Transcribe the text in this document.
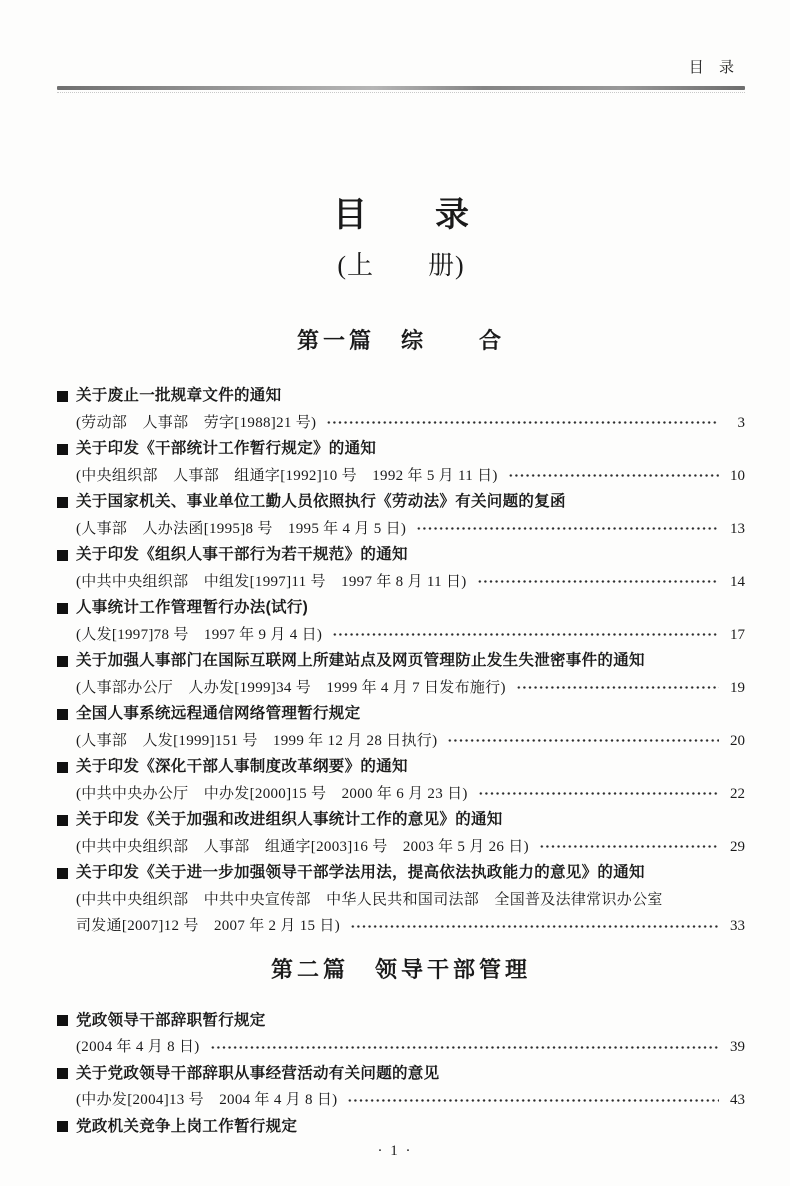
目   录
目　　录
(上　　册)
第一篇　综　　合
关于废止一批规章文件的通知
(劳动部　人事部　劳字[1988]21 号)	3
关于印发《干部统计工作暂行规定》的通知
(中央组织部　人事部　组通字[1992]10 号　1992 年 5 月 11 日)	10
关于国家机关、事业单位工勤人员依照执行《劳动法》有关问题的复函
(人事部　人办法函[1995]8 号　1995 年 4 月 5 日)	13
关于印发《组织人事干部行为若干规范》的通知
(中共中央组织部　中组发[1997]11 号　1997 年 8 月 11 日)	14
人事统计工作管理暂行办法(试行)
(人发[1997]78 号　1997 年 9 月 4 日)	17
关于加强人事部门在国际互联网上所建站点及网页管理防止发生失泄密事件的通知
(人事部办公厅　人办发[1999]34 号　1999 年 4 月 7 日发布施行)	19
全国人事系统远程通信网络管理暂行规定
(人事部　人发[1999]151 号　1999 年 12 月 28 日执行)	20
关于印发《深化干部人事制度改革纲要》的通知
(中共中央办公厅　中办发[2000]15 号　2000 年 6 月 23 日)	22
关于印发《关于加强和改进组织人事统计工作的意见》的通知
(中共中央组织部　人事部　组通字[2003]16 号　2003 年 5 月 26 日)	29
关于印发《关于进一步加强领导干部学法用法，提高依法执政能力的意见》的通知
(中共中央组织部　中共中央宣传部　中华人民共和国司法部　全国普及法律常识办公室
司发通[2007]12 号　2007 年 2 月 15 日)	33
第二篇　领导干部管理
党政领导干部辞职暂行规定
(2004 年 4 月 8 日)	39
关于党政领导干部辞职从事经营活动有关问题的意见
(中办发[2004]13 号　2004 年 4 月 8 日)	43
党政机关竞争上岗工作暂行规定
· 1 ·
